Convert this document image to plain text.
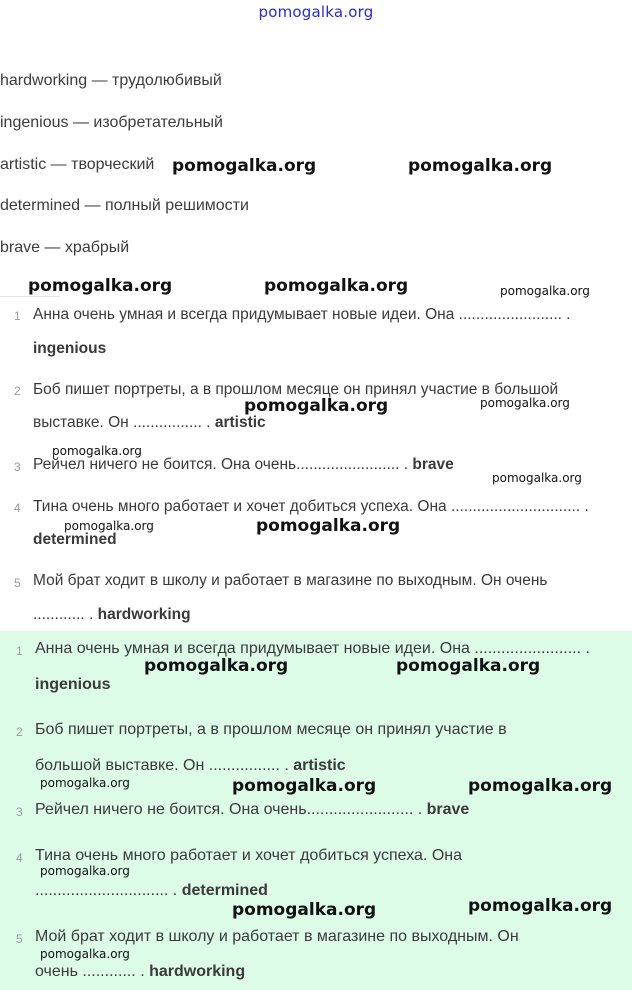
pomogalka.org
hardworking — трудолюбивый
ingenious — изобретательный
artistic — творческий
determined — полный решимости
brave — храбрый
1 Анна очень умная и всегда придумывает новые идеи. Она ........................ .
ingenious
2 Боб пишет портреты, а в прошлом месяце он принял участие в большой
выставке. Он ................ . artistic
3 Рейчел ничего не боится. Она очень........................ . brave
4 Тина очень много работает и хочет добиться успеха. Она .............................. .
determined
5 Мой брат ходит в школу и работает в магазине по выходным. Он очень
............ . hardworking
1 Анна очень умная и всегда придумывает новые идеи. Она ........................ .
ingenious
2 Боб пишет портреты, а в прошлом месяце он принял участие в
большой выставке. Он ................ . artistic
3 Рейчел ничего не боится. Она очень........................ . brave
4 Тина очень много работает и хочет добиться успеха. Она
.............................. . determined
5 Мой брат ходит в школу и работает в магазине по выходным. Он
очень ............ . hardworking
pomogalka.org	pomogalka.org
pomogalka.org	pomogalka.org	pomogalka.org
pomogalka.org	pomogalka.org
pomogalka.org
pomogalka.org
pomogalka.org	pomogalka.org
pomogalka.org	pomogalka.org
pomogalka.org	pomogalka.org	pomogalka.org
pomogalka.org
pomogalka.org	pomogalka.org
pomogalka.org
